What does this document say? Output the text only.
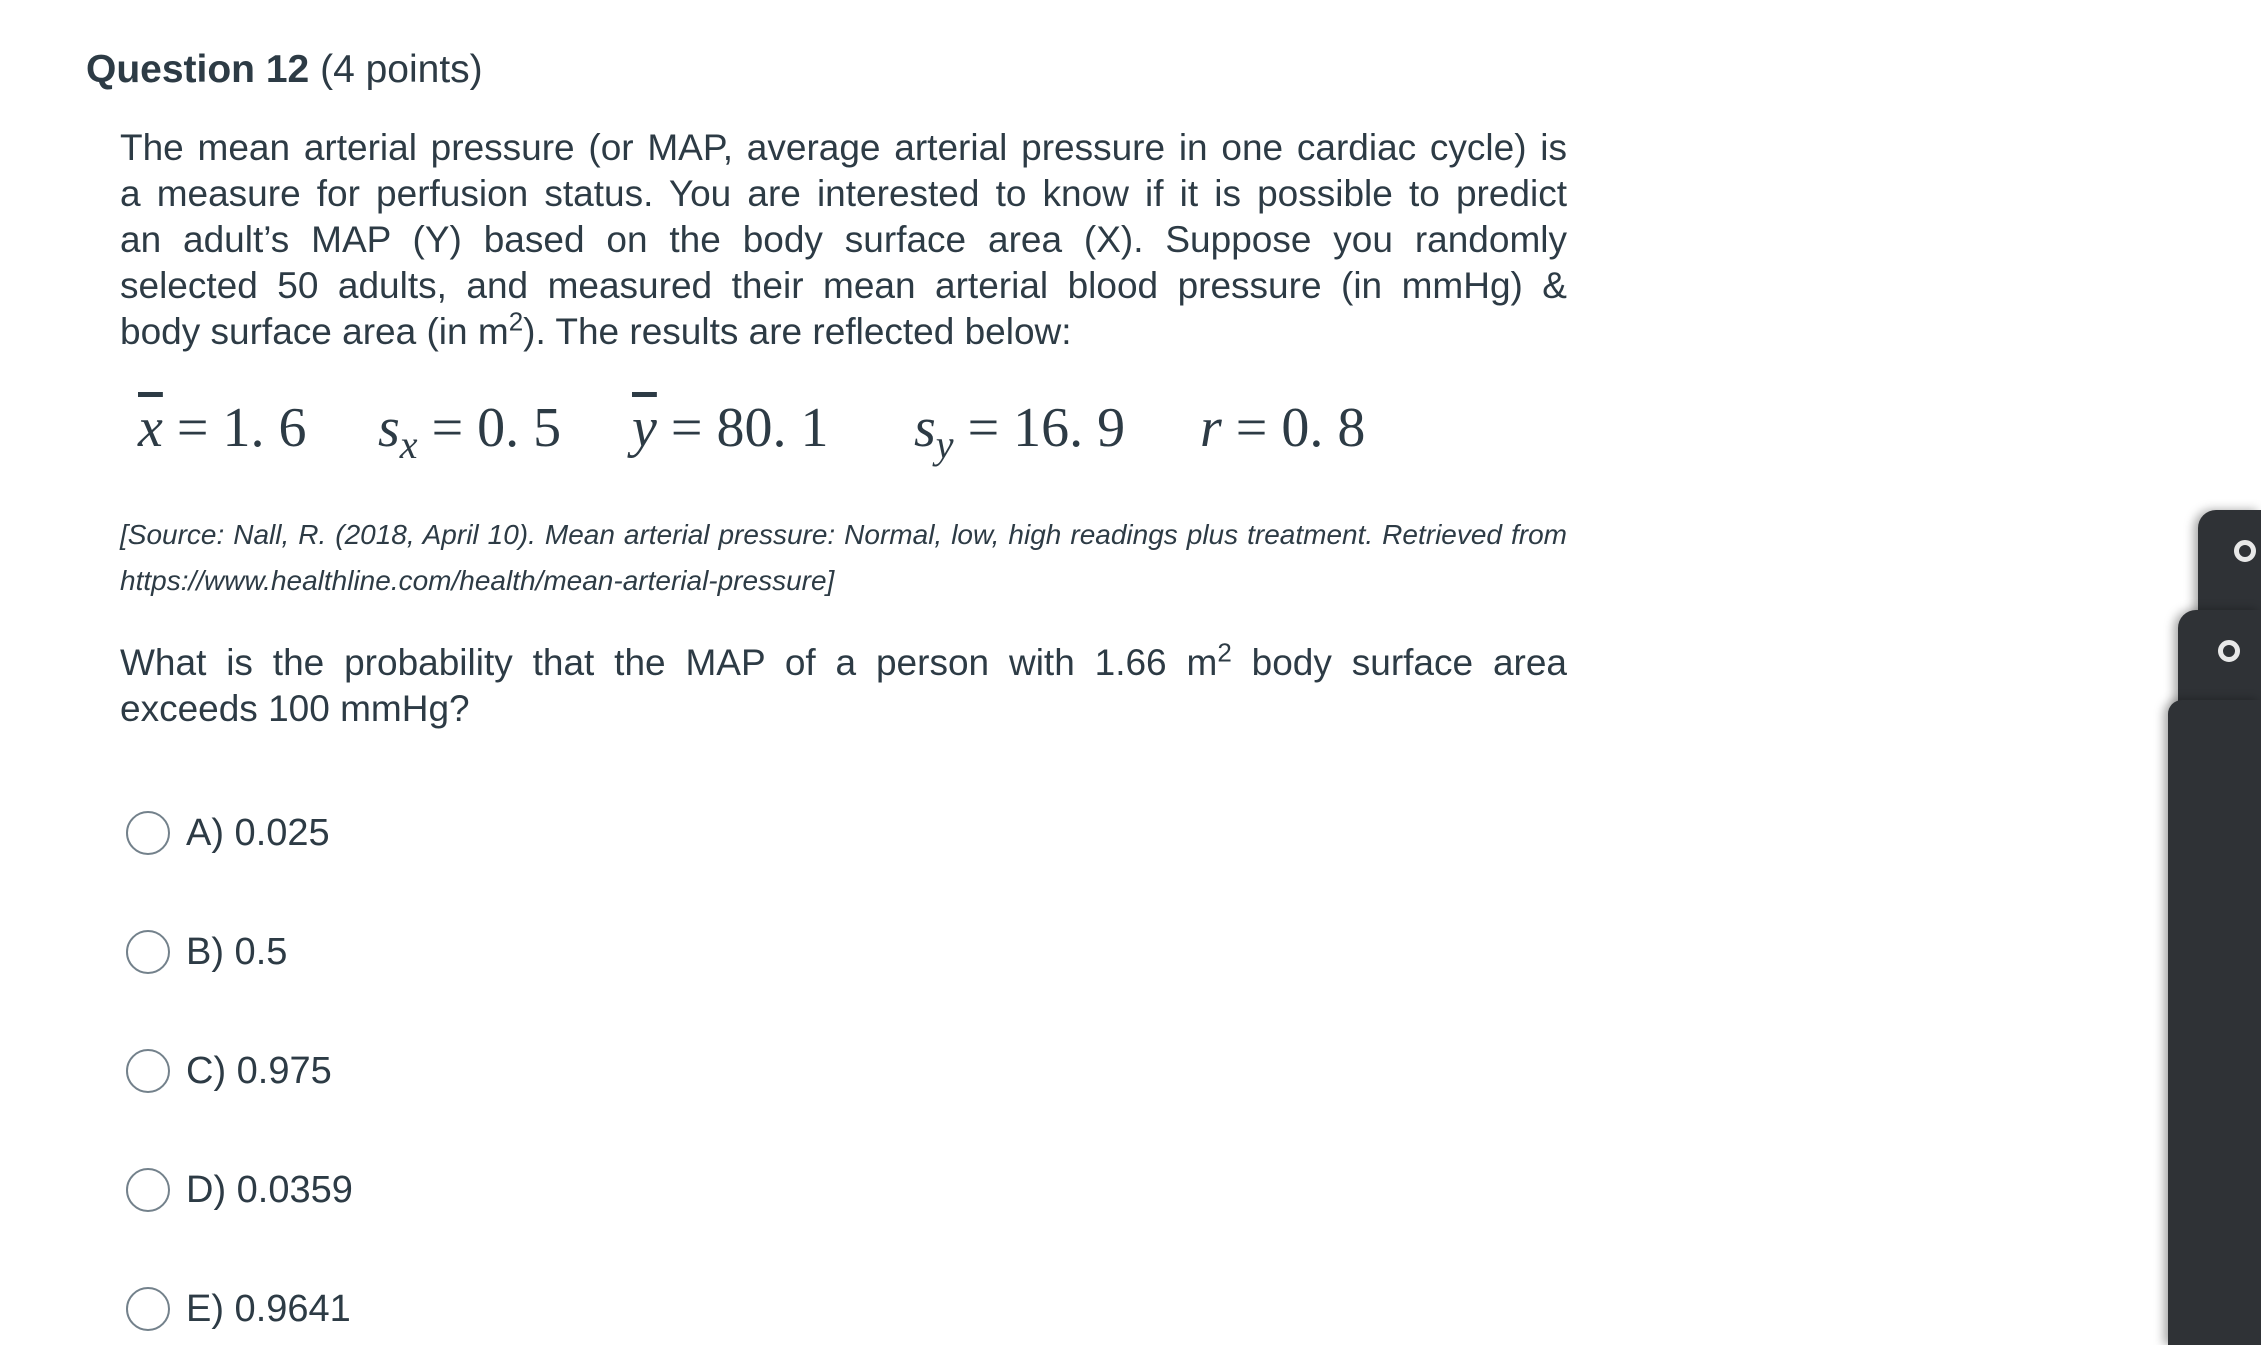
Question 12 (4 points)
The mean arterial pressure (or MAP, average arterial pressure in one cardiac cycle) is
a measure for perfusion status. You are interested to know if it is possible to predict
an adult’s MAP (Y) based on the body surface area (X). Suppose you randomly
selected 50 adults, and measured their mean arterial blood pressure (in mmHg) &
body surface area (in $m^2$). The results are reflected below:
$\overline{x} = 1$. 6 $s_x = 0$. 5 $\overline{y} = 80$. 1 $s_y = 16$. 9 r = 0. 8
[Source: Nall, R. (2018, April 10). Mean arterial pressure: Normal, low, high readings plus treatment. Retrieved from
https://www.healthline.com/health/mean-arterial-pressure]
What is the probability that the MAP of a person with 1.66 $m^2$ body surface area
exceeds 100 mmHg?
A) 0.025
B) 0.5
C) 0.975
D) 0.0359
E) 0.9641
